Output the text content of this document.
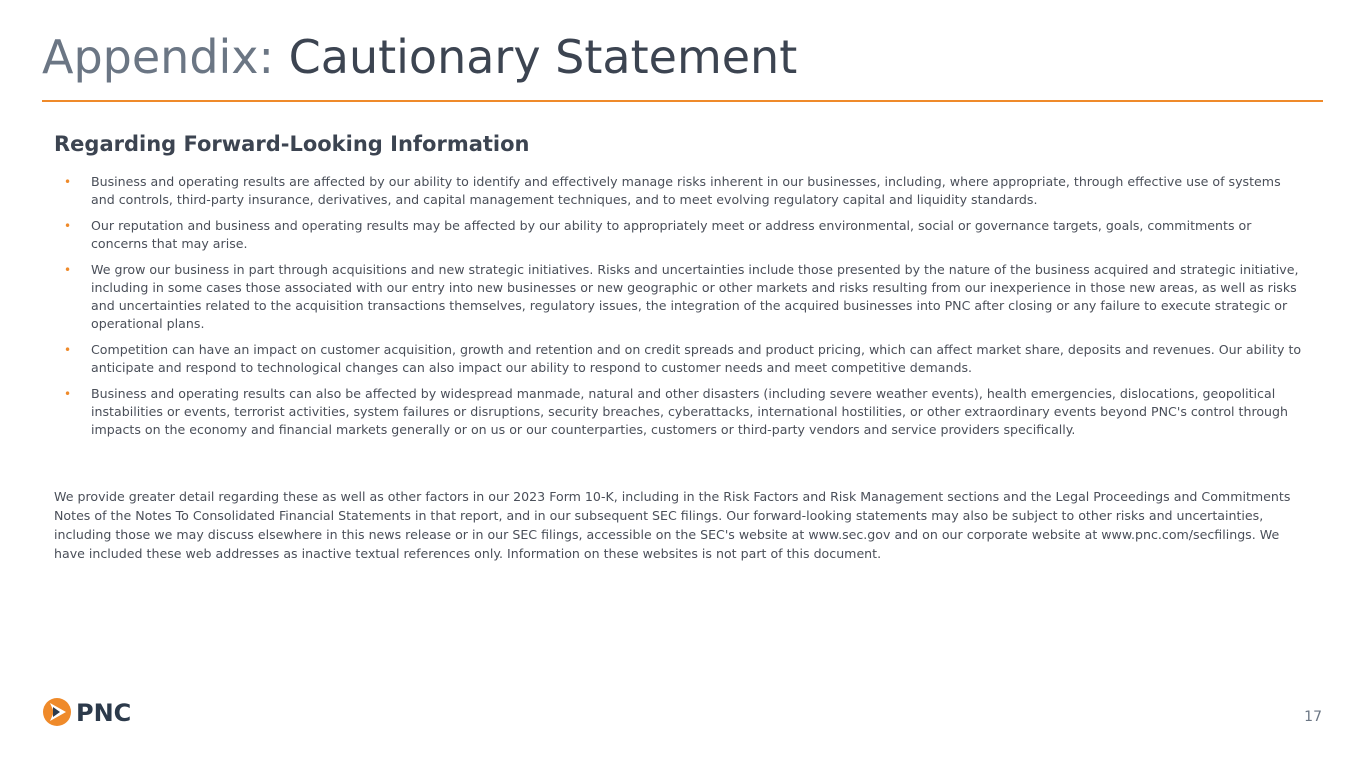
Appendix: Cautionary Statement
Regarding Forward-Looking Information
• Business and operating results are affected by our ability to identify and effectively manage risks inherent in our businesses, including, where appropriate, through effective use of systems and controls, third-party insurance, derivatives, and capital management techniques, and to meet evolving regulatory capital and liquidity standards.
• Our reputation and business and operating results may be affected by our ability to appropriately meet or address environmental, social or governance targets, goals, commitments or concerns that may arise.
• We grow our business in part through acquisitions and new strategic initiatives. Risks and uncertainties include those presented by the nature of the business acquired and strategic initiative, including in some cases those associated with our entry into new businesses or new geographic or other markets and risks resulting from our inexperience in those new areas, as well as risks and uncertainties related to the acquisition transactions themselves, regulatory issues, the integration of the acquired businesses into PNC after closing or any failure to execute strategic or operational plans.
• Competition can have an impact on customer acquisition, growth and retention and on credit spreads and product pricing, which can affect market share, deposits and revenues. Our ability to anticipate and respond to technological changes can also impact our ability to respond to customer needs and meet competitive demands.
• Business and operating results can also be affected by widespread manmade, natural and other disasters (including severe weather events), health emergencies, dislocations, geopolitical instabilities or events, terrorist activities, system failures or disruptions, security breaches, cyberattacks, international hostilities, or other extraordinary events beyond PNC's control through impacts on the economy and financial markets generally or on us or our counterparties, customers or third-party vendors and service providers specifically.

We provide greater detail regarding these as well as other factors in our 2023 Form 10-K, including in the Risk Factors and Risk Management sections and the Legal Proceedings and Commitments Notes of the Notes To Consolidated Financial Statements in that report, and in our subsequent SEC filings. Our forward-looking statements may also be subject to other risks and uncertainties, including those we may discuss elsewhere in this news release or in our SEC filings, accessible on the SEC's website at www.sec.gov and on our corporate website at www.pnc.com/secfilings. We have included these web addresses as inactive textual references only. Information on these websites is not part of this document.

PNC	17
